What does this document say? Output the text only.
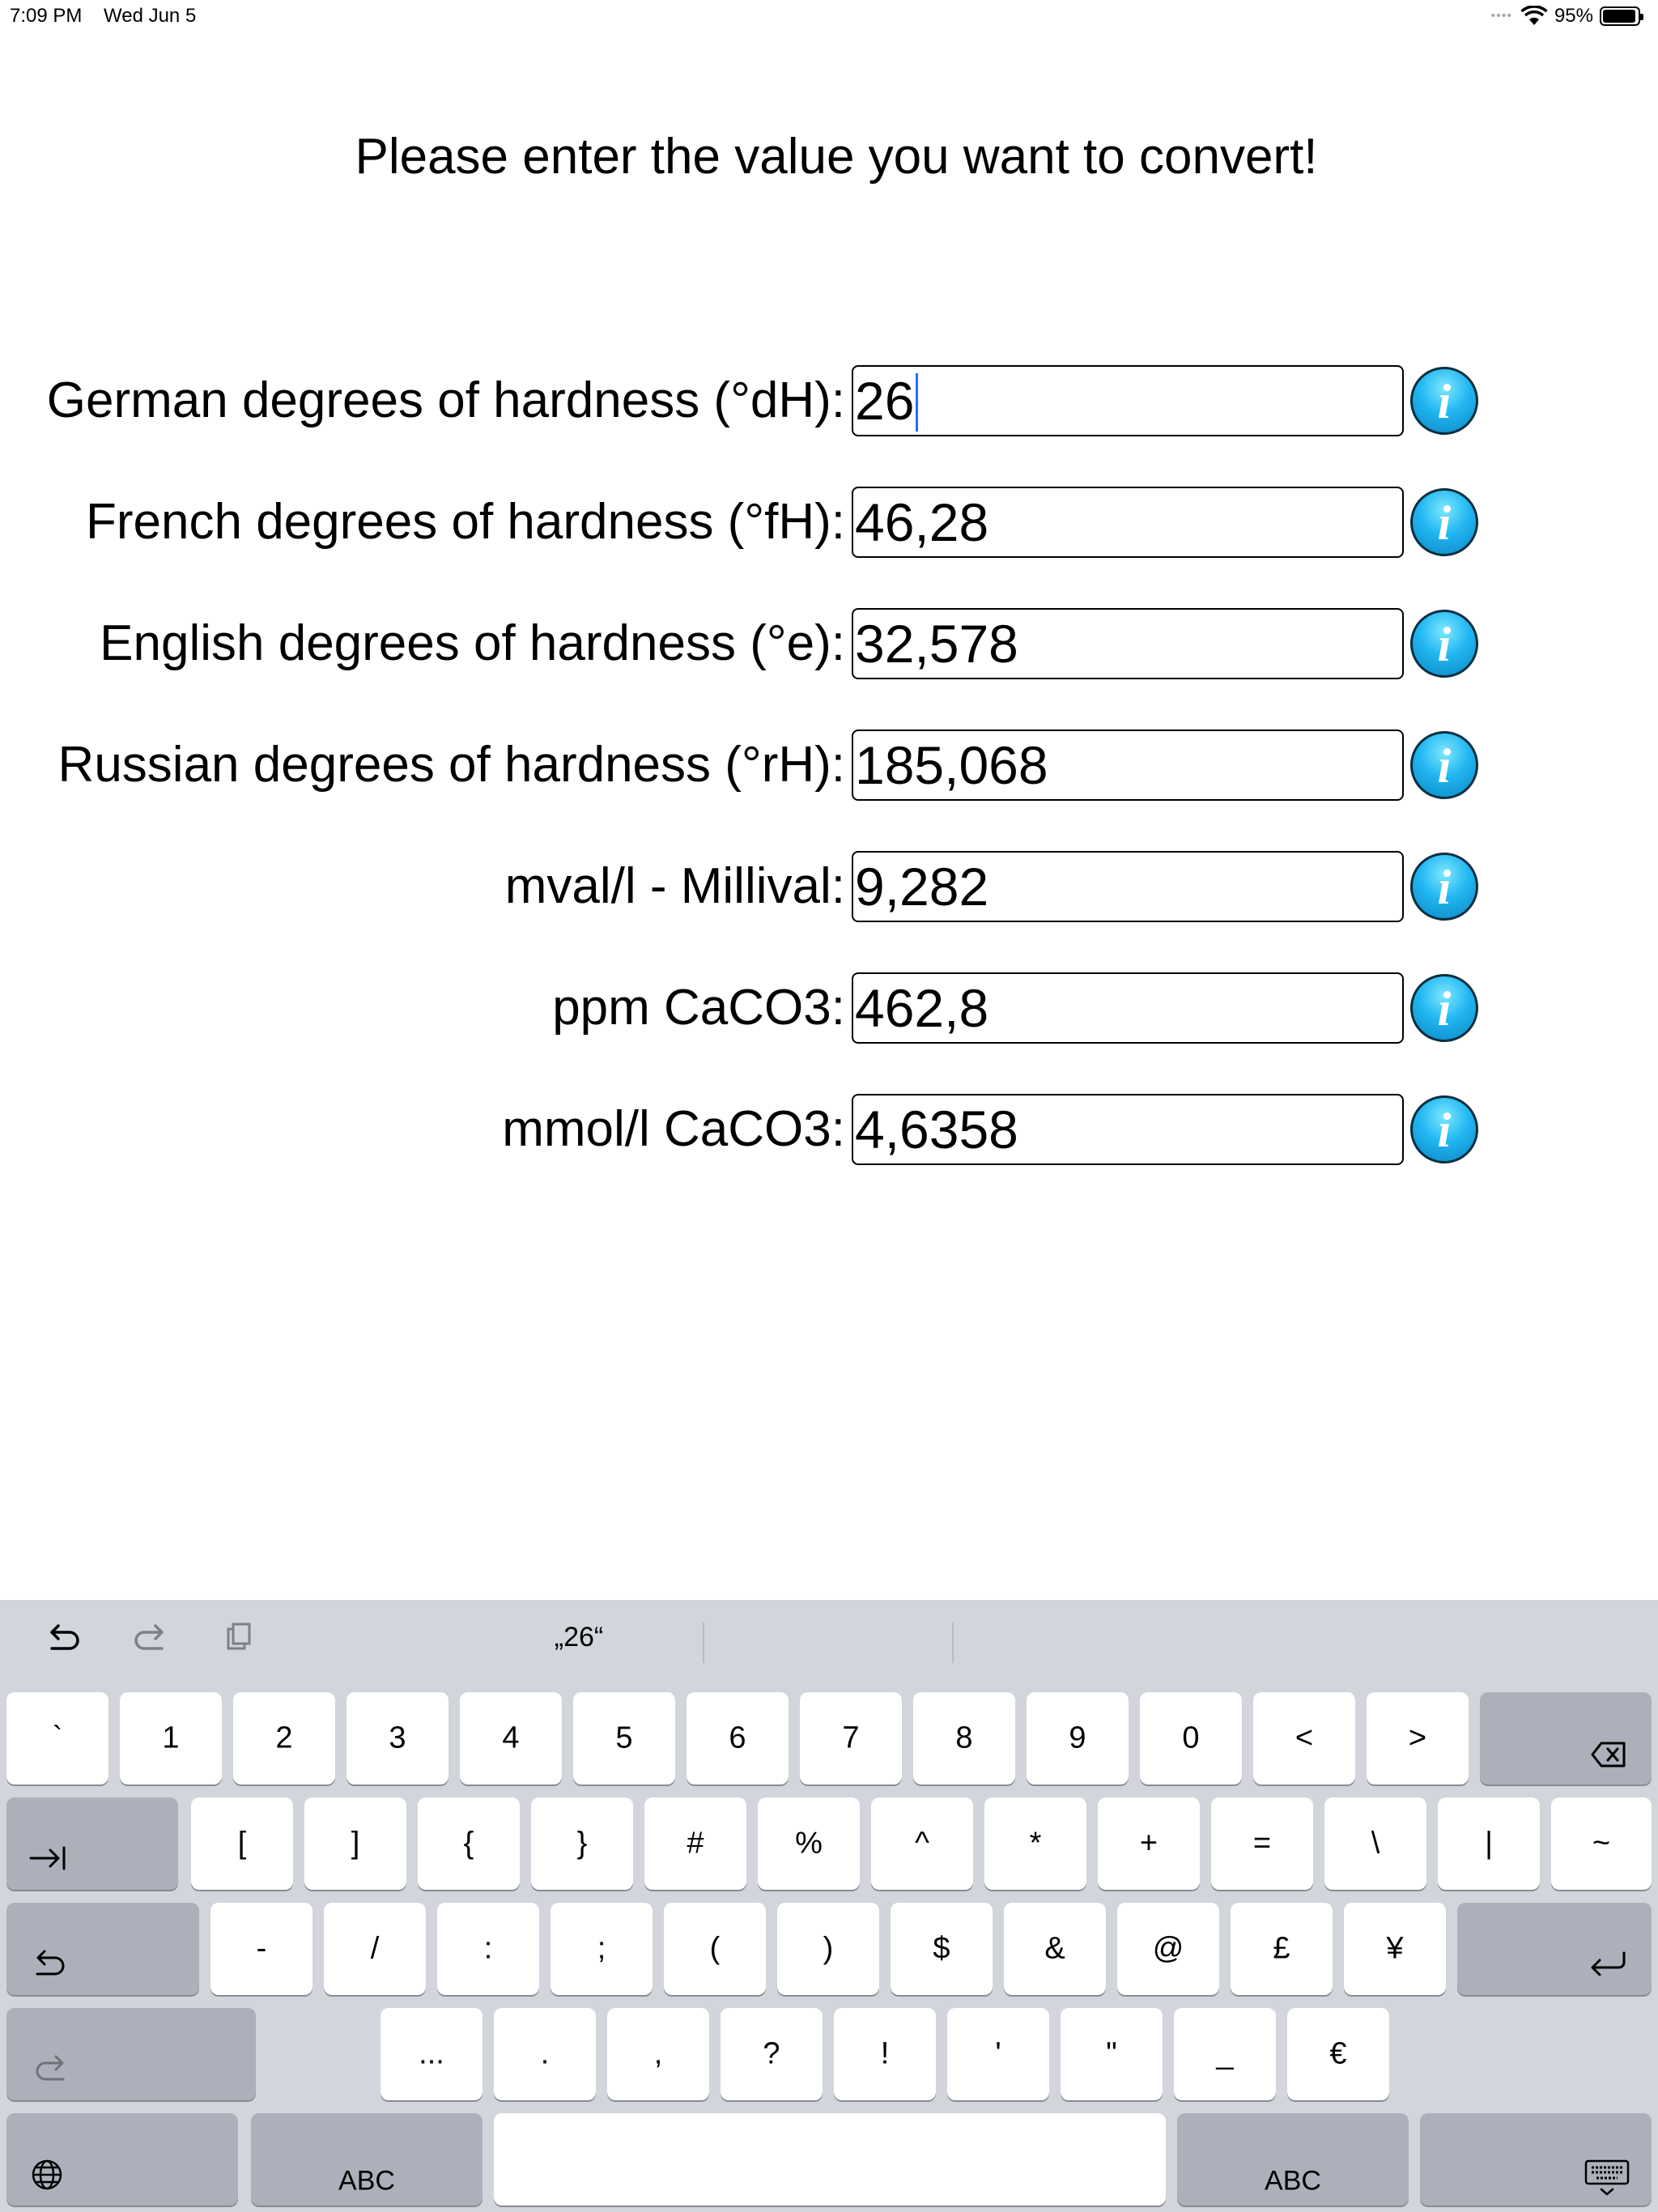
7:09 PM Wed Jun 5	•••• 95%
Please enter the value you want to convert!
German degrees of hardness (°dH): 26	i
French degrees of hardness (°fH): 46,28	i
English degrees of hardness (°e): 32,578	i
Russian degrees of hardness (°rH): 185,068	i
mval/l - Millival: 9,282	i
ppm CaCO3: 462,8	i
mmol/l CaCO3: 4,6358	i
„26“
`	1	2	3	4	5	6	7	8	9	0	<	>
[	]	{	}	#	%	^	*	+	=	\	|	~
-	/	:	;	(	)	$	&	@	£	¥
...	.	,	?	!	'	"	_	€
ABC	ABC
